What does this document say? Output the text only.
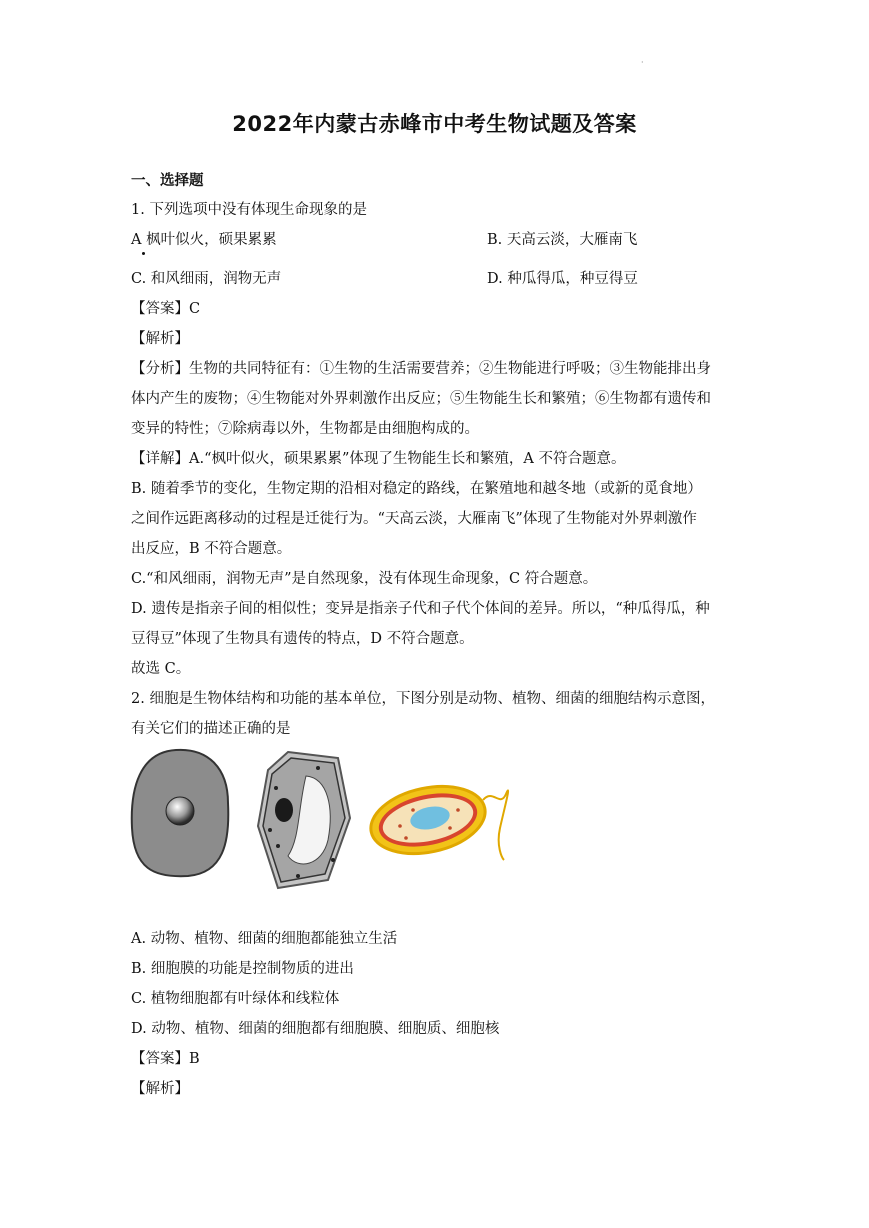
·
2022年内蒙古赤峰市中考生物试题及答案
一、选择题
1. 下列选项中没有体现生命现象的是
A 枫叶似火，硕果累累	B. 天高云淡，大雁南飞
C. 和风细雨，润物无声	D. 种瓜得瓜，种豆得豆
【答案】C
【解析】
【分析】生物的共同特征有：①生物的生活需要营养；②生物能进行呼吸；③生物能排出身
体内产生的废物；④生物能对外界刺激作出反应；⑤生物能生长和繁殖；⑥生物都有遗传和
变异的特性；⑦除病毒以外，生物都是由细胞构成的。
【详解】A.“枫叶似火，硕果累累”体现了生物能生长和繁殖，A 不符合题意。
B. 随着季节的变化，生物定期的沿相对稳定的路线，在繁殖地和越冬地（或新的觅食地）
之间作远距离移动的过程是迁徙行为。“天高云淡，大雁南飞”体现了生物能对外界刺激作
出反应，B 不符合题意。
C.“和风细雨，润物无声”是自然现象，没有体现生命现象，C 符合题意。
D. 遗传是指亲子间的相似性；变异是指亲子代和子代个体间的差异。所以，“种瓜得瓜，种
豆得豆”体现了生物具有遗传的特点，D 不符合题意。
故选 C。
2. 细胞是生物体结构和功能的基本单位，下图分别是动物、植物、细菌的细胞结构示意图，
有关它们的描述正确的是
A. 动物、植物、细菌的细胞都能独立生活
B. 细胞膜的功能是控制物质的进出
C. 植物细胞都有叶绿体和线粒体
D. 动物、植物、细菌的细胞都有细胞膜、细胞质、细胞核
【答案】B
【解析】
